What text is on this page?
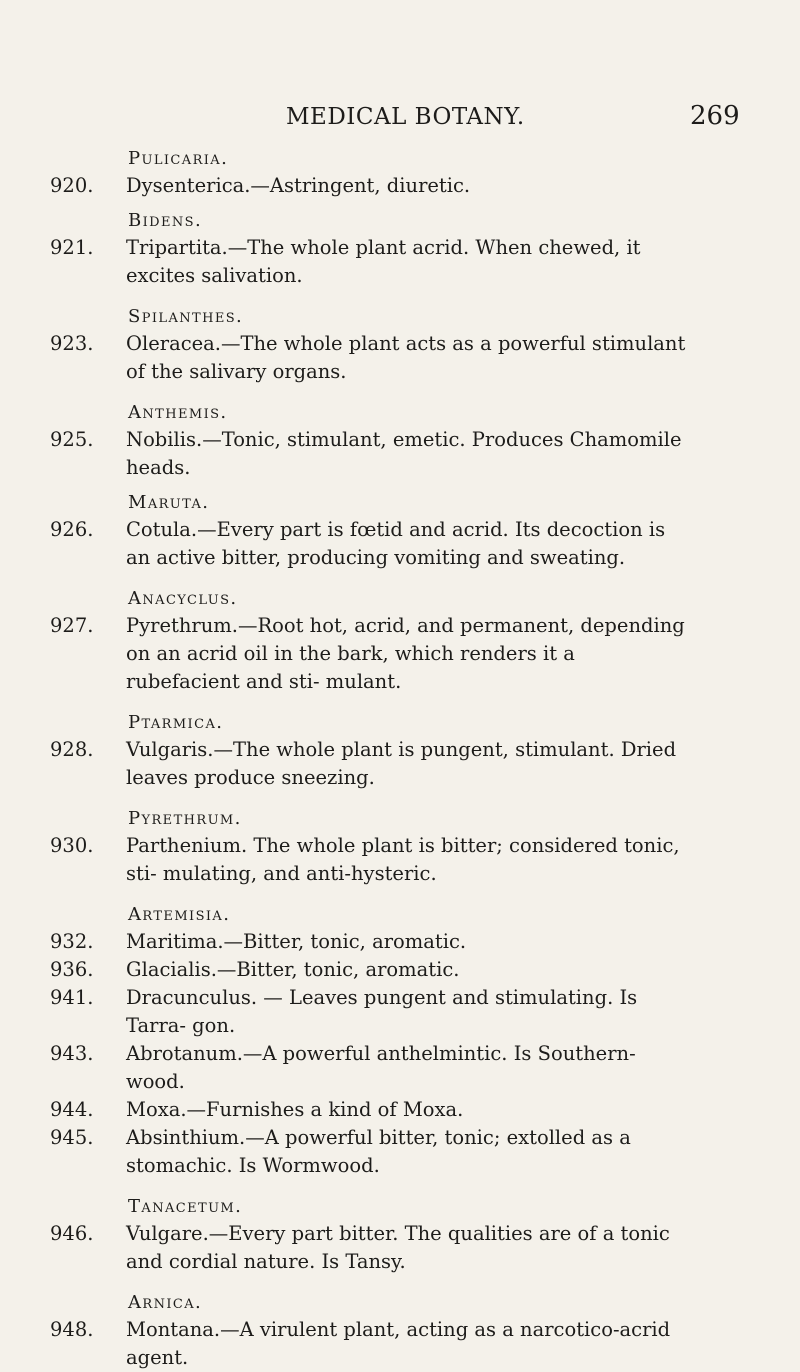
MEDICAL BOTANY.	269
Pulicaria.
920.	Dysenterica.—Astringent, diuretic.
Bidens.
921.	Tripartita.—The whole plant acrid. When chewed, it excites salivation.
Spilanthes.
923.	Oleracea.—The whole plant acts as a powerful stimulant of the salivary organs.
Anthemis.
925.	Nobilis.—Tonic, stimulant, emetic. Produces Chamomile heads.
Maruta.
926.	Cotula.—Every part is fœtid and acrid. Its decoction is an active bitter, producing vomiting and sweating.
Anacyclus.
927.	Pyrethrum.—Root hot, acrid, and permanent, depending on an acrid oil in the bark, which renders it a rubefacient and sti- mulant.
Ptarmica.
928.	Vulgaris.—The whole plant is pungent, stimulant. Dried leaves produce sneezing.
Pyrethrum.
930.	Parthenium. The whole plant is bitter; considered tonic, sti- mulating, and anti-hysteric.
Artemisia.
932.	Maritima.—Bitter, tonic, aromatic.
936.	Glacialis.—Bitter, tonic, aromatic.
941.	Dracunculus. — Leaves pungent and stimulating. Is Tarra- gon.
943.	Abrotanum.—A powerful anthelmintic. Is Southern-wood.
944.	Moxa.—Furnishes a kind of Moxa.
945.	Absinthium.—A powerful bitter, tonic; extolled as a stomachic. Is Wormwood.
Tanacetum.
946.	Vulgare.—Every part bitter. The qualities are of a tonic and cordial nature. Is Tansy.
Arnica.
948.	Montana.—A virulent plant, acting as a narcotico-acrid agent.
